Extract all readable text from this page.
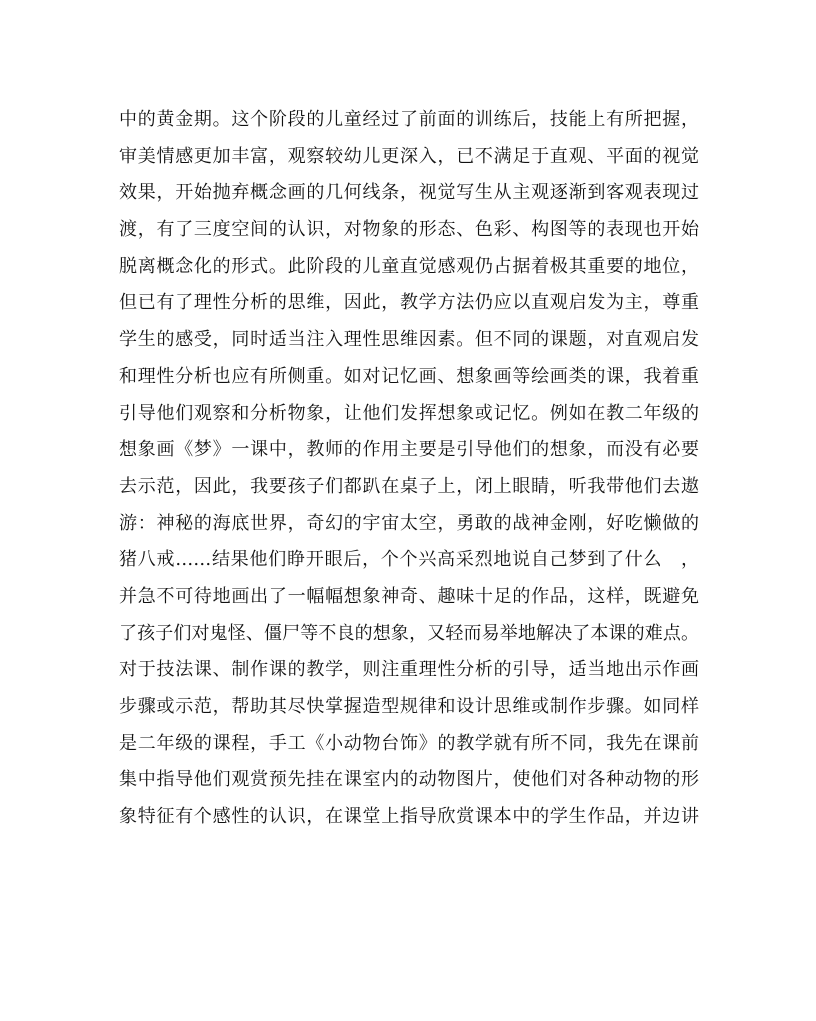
中的黄金期。这个阶段的儿童经过了前面的训练后，技能上有所把握，
审美情感更加丰富，观察较幼儿更深入，已不满足于直观、平面的视觉
效果，开始抛弃概念画的几何线条，视觉写生从主观逐渐到客观表现过
渡，有了三度空间的认识，对物象的形态、色彩、构图等的表现也开始
脱离概念化的形式。此阶段的儿童直觉感观仍占据着极其重要的地位，
但已有了理性分析的思维，因此，教学方法仍应以直观启发为主，尊重
学生的感受，同时适当注入理性思维因素。但不同的课题，对直观启发
和理性分析也应有所侧重。如对记忆画、想象画等绘画类的课，我着重
引导他们观察和分析物象，让他们发挥想象或记忆。例如在教二年级的
想象画《梦》一课中，教师的作用主要是引导他们的想象，而没有必要
去示范，因此，我要孩子们都趴在桌子上，闭上眼睛，听我带他们去遨
游：神秘的海底世界，奇幻的宇宙太空，勇敢的战神金刚，好吃懒做的
猪八戒……结果他们睁开眼后，个个兴高采烈地说自己梦到了什么　，
并急不可待地画出了一幅幅想象神奇、趣味十足的作品，这样，既避免
了孩子们对鬼怪、僵尸等不良的想象，又轻而易举地解决了本课的难点。
对于技法课、制作课的教学，则注重理性分析的引导，适当地出示作画
步骤或示范，帮助其尽快掌握造型规律和设计思维或制作步骤。如同样
是二年级的课程，手工《小动物台饰》的教学就有所不同，我先在课前
集中指导他们观赏预先挂在课室内的动物图片，使他们对各种动物的形
象特征有个感性的认识，在课堂上指导欣赏课本中的学生作品，并边讲
